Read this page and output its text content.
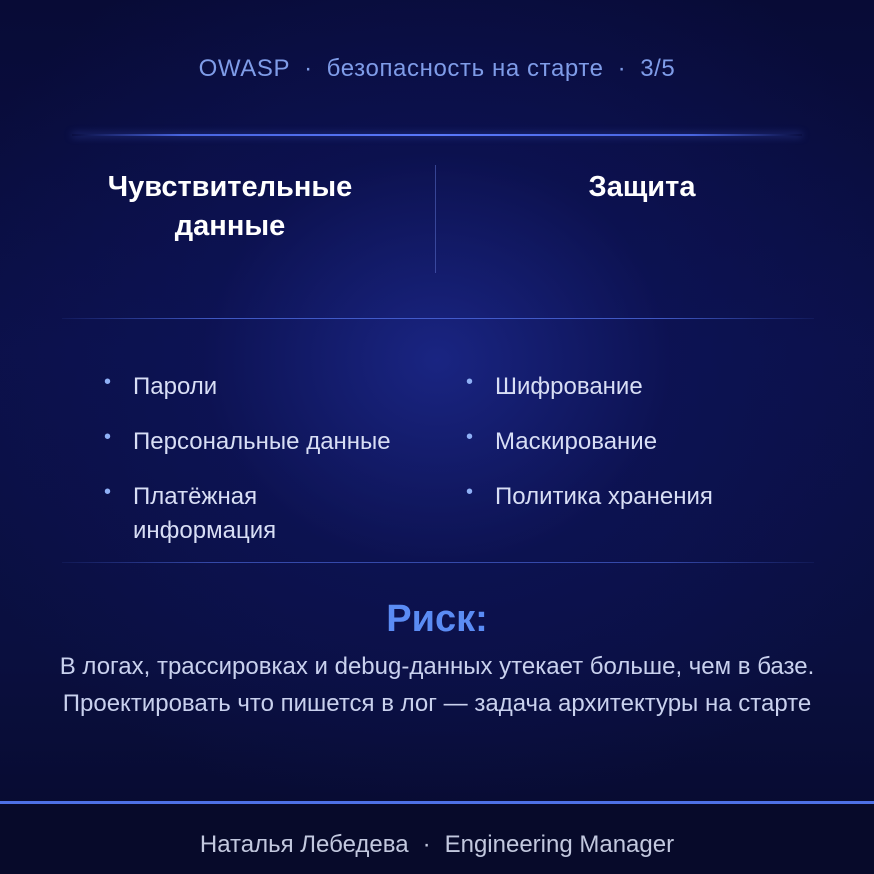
OWASP · безопасность на старте · 3/5
Чувствительные
данные
Защита
• Пароли
• Персональные данные
• Платёжная информация
• Шифрование
• Маскирование
• Политика хранения
Риск:
В логах, трассировках и debug-данных утекает больше, чем в базе. Проектировать что пишется в лог — задача архитектуры на старте
Наталья Лебедева · Engineering Manager
